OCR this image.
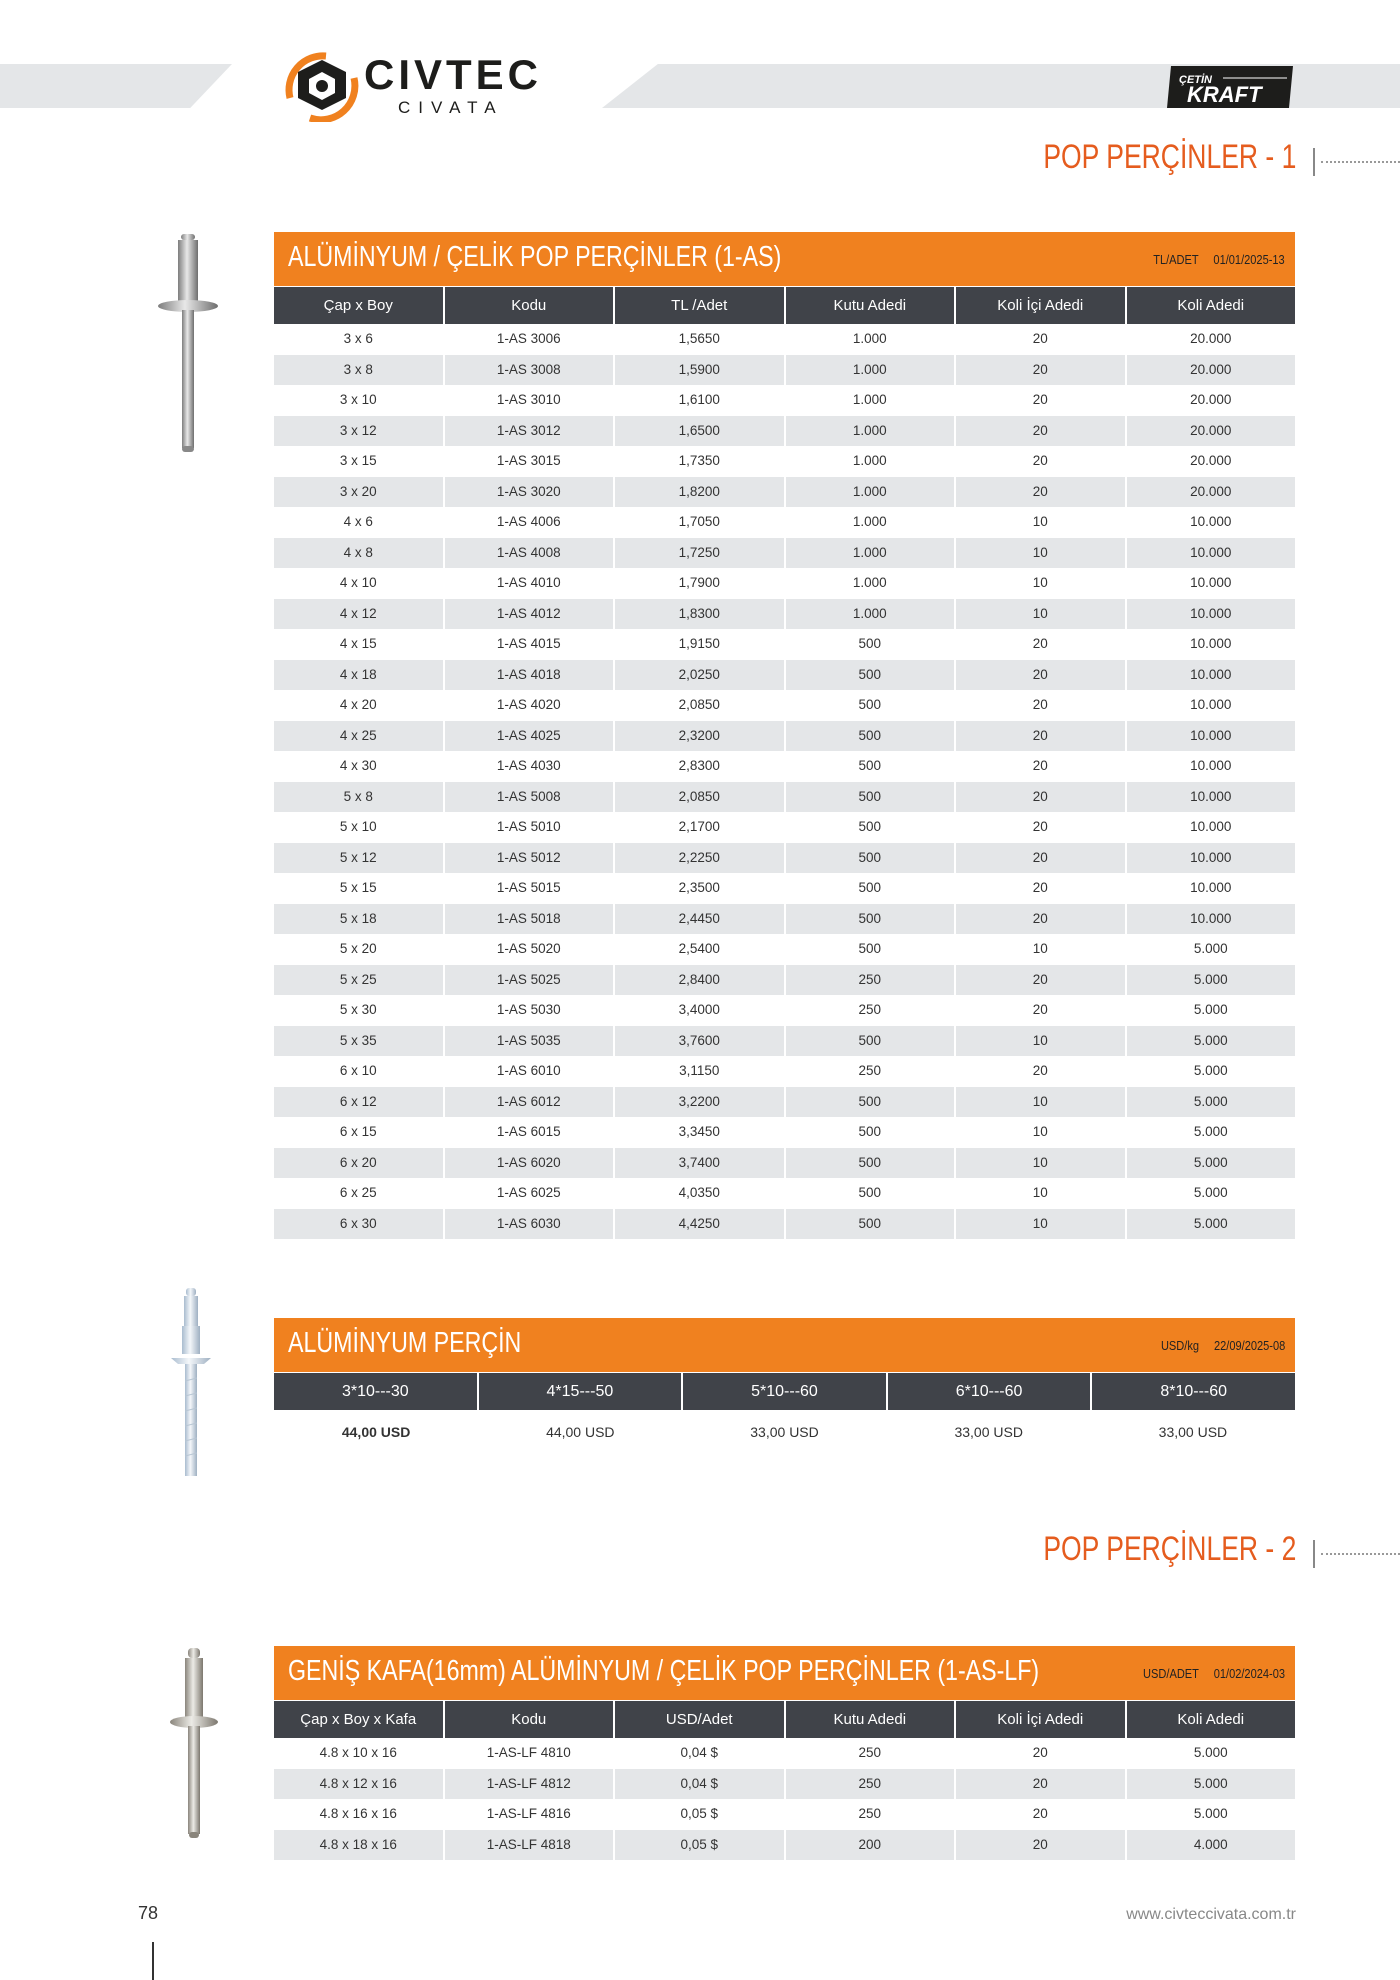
CIVTEC
CIVATA
ÇETİN
KRAFT
POP PERÇİNLER - 1
ALÜMİNYUM / ÇELİK POP PERÇİNLER (1-AS)	TL/ADET 01/01/2025-13
Çap x Boy	Kodu	TL /Adet	Kutu Adedi	Koli İçi Adedi	Koli Adedi
3 x 6	1-AS 3006	1,5650	1.000	20	20.000
3 x 8	1-AS 3008	1,5900	1.000	20	20.000
3 x 10	1-AS 3010	1,6100	1.000	20	20.000
3 x 12	1-AS 3012	1,6500	1.000	20	20.000
3 x 15	1-AS 3015	1,7350	1.000	20	20.000
3 x 20	1-AS 3020	1,8200	1.000	20	20.000
4 x 6	1-AS 4006	1,7050	1.000	10	10.000
4 x 8	1-AS 4008	1,7250	1.000	10	10.000
4 x 10	1-AS 4010	1,7900	1.000	10	10.000
4 x 12	1-AS 4012	1,8300	1.000	10	10.000
4 x 15	1-AS 4015	1,9150	500	20	10.000
4 x 18	1-AS 4018	2,0250	500	20	10.000
4 x 20	1-AS 4020	2,0850	500	20	10.000
4 x 25	1-AS 4025	2,3200	500	20	10.000
4 x 30	1-AS 4030	2,8300	500	20	10.000
5 x 8	1-AS 5008	2,0850	500	20	10.000
5 x 10	1-AS 5010	2,1700	500	20	10.000
5 x 12	1-AS 5012	2,2250	500	20	10.000
5 x 15	1-AS 5015	2,3500	500	20	10.000
5 x 18	1-AS 5018	2,4450	500	20	10.000
5 x 20	1-AS 5020	2,5400	500	10	5.000
5 x 25	1-AS 5025	2,8400	250	20	5.000
5 x 30	1-AS 5030	3,4000	250	20	5.000
5 x 35	1-AS 5035	3,7600	500	10	5.000
6 x 10	1-AS 6010	3,1150	250	20	5.000
6 x 12	1-AS 6012	3,2200	500	10	5.000
6 x 15	1-AS 6015	3,3450	500	10	5.000
6 x 20	1-AS 6020	3,7400	500	10	5.000
6 x 25	1-AS 6025	4,0350	500	10	5.000
6 x 30	1-AS 6030	4,4250	500	10	5.000
ALÜMİNYUM PERÇİN	USD/kg 22/09/2025-08
3*10---30	4*15---50	5*10---60	6*10---60	8*10---60
44,00 USD	44,00 USD	33,00 USD	33,00 USD	33,00 USD
POP PERÇİNLER - 2
GENİŞ KAFA(16mm) ALÜMİNYUM / ÇELİK POP PERÇİNLER (1-AS-LF)	USD/ADET 01/02/2024-03
Çap x Boy x Kafa	Kodu	USD/Adet	Kutu Adedi	Koli İçi Adedi	Koli Adedi
4.8 x 10 x 16	1-AS-LF 4810	0,04 $	250	20	5.000
4.8 x 12 x 16	1-AS-LF 4812	0,04 $	250	20	5.000
4.8 x 16 x 16	1-AS-LF 4816	0,05 $	250	20	5.000
4.8 x 18 x 16	1-AS-LF 4818	0,05 $	200	20	4.000
78	www.civteccivata.com.tr
